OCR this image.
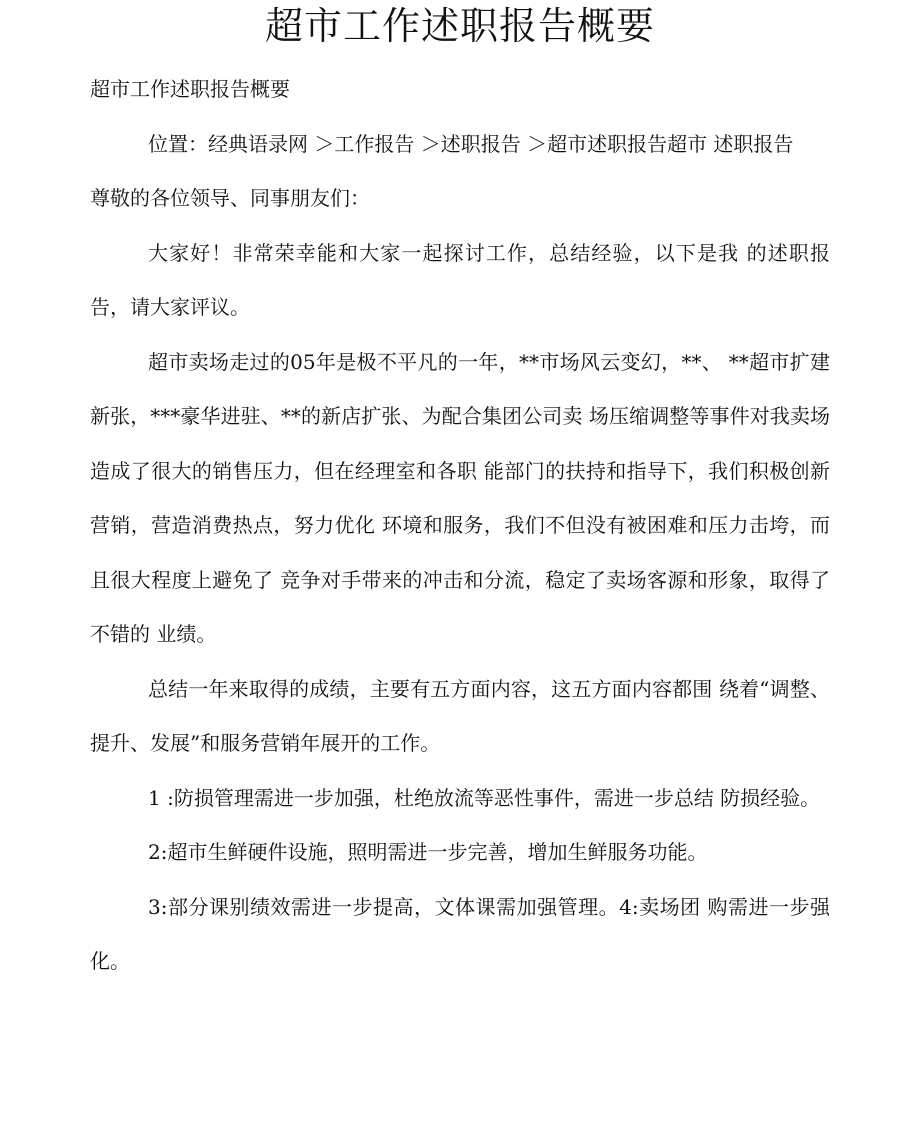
超市工作述职报告概要

超市工作述职报告概要

位置：经典语录网 ＞工作报告 ＞述职报告 ＞超市述职报告超市 述职报告

尊敬的各位领导、同事朋友们：

大家好！非常荣幸能和大家一起探讨工作，总结经验，以下是我 的述职报告，请大家评议。

超市卖场走过的05年是极不平凡的一年，**市场风云变幻，**、 **超市扩建新张，***豪华进驻、**的新店扩张、为配合集团公司卖 场压缩调整等事件对我卖场造成了很大的销售压力，但在经理室和各职 能部门的扶持和指导下，我们积极创新营销，营造消费热点，努力优化 环境和服务，我们不但没有被困难和压力击垮，而且很大程度上避免了 竞争对手带来的冲击和分流，稳定了卖场客源和形象，取得了不错的 业绩。

总结一年来取得的成绩，主要有五方面内容，这五方面内容都围 绕着“调整、提升、发展”和服务营销年展开的工作。

1 :防损管理需进一步加强，杜绝放流等恶性事件，需进一步总结 防损经验。

2:超市生鲜硬件设施，照明需进一步完善，增加生鲜服务功能。

3:部分课别绩效需进一步提高，文体课需加强管理。4:卖场团 购需进一步强化。
